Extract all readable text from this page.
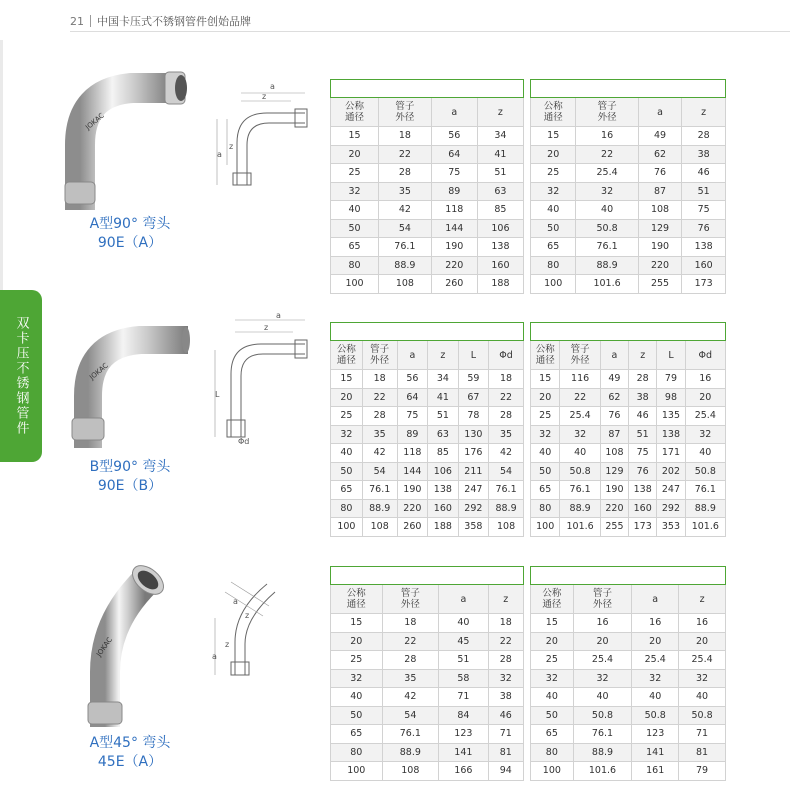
21 中国卡压式不锈钢管件创始品牌
双卡压不锈钢管件
JOKAC
a
z
z
a
A型90° 弯头
90E（A）
CJ/T 152 Ⅰ系列			
公称
通径	管子
外径	a	z
15	18	56	34
20	22	64	41
25	28	75	51
32	35	89	63
40	42	118	85
50	54	144	106
65	76.1	190	138
80	88.9	220	160
100	108	260	188
GB/T19228.1 Ⅰ系列			
公称
通径	管子
外径	a	z
15	16	49	28
20	22	62	38
25	25.4	76	46
32	32	87	51
40	40	108	75
50	50.8	129	76
65	76.1	190	138
80	88.9	220	160
100	101.6	255	173
JOKAC
a
z
L
Φd
B型90° 弯头
90E（B）
CJ/T 152 Ⅰ系列					
公称
通径	管子
外径	a	z	L	Φd
15	18	56	34	59	18
20	22	64	41	67	22
25	28	75	51	78	28
32	35	89	63	130	35
40	42	118	85	176	42
50	54	144	106	211	54
65	76.1	190	138	247	76.1
80	88.9	220	160	292	88.9
100	108	260	188	358	108
GB/T19228.1 Ⅰ系列					
公称
通径	管子
外径	a	z	L	Φd
15	116	49	28	79	16
20	22	62	38	98	20
25	25.4	76	46	135	25.4
32	32	87	51	138	32
40	40	108	75	171	40
50	50.8	129	76	202	50.8
65	76.1	190	138	247	76.1
80	88.9	220	160	292	88.9
100	101.6	255	173	353	101.6
JOKAC
a
z
z
a
A型45° 弯头
45E（A）
CJ/T 152 Ⅰ系列			
公称
通径	管子
外径	a	z
15	18	40	18
20	22	45	22
25	28	51	28
32	35	58	32
40	42	71	38
50	54	84	46
65	76.1	123	71
80	88.9	141	81
100	108	166	94
GB/T19228.1 Ⅰ系列			
公称
通径	管子
外径	a	z
15	16	16	16
20	20	20	20
25	25.4	25.4	25.4
32	32	32	32
40	40	40	40
50	50.8	50.8	50.8
65	76.1	123	71
80	88.9	141	81
100	101.6	161	79
